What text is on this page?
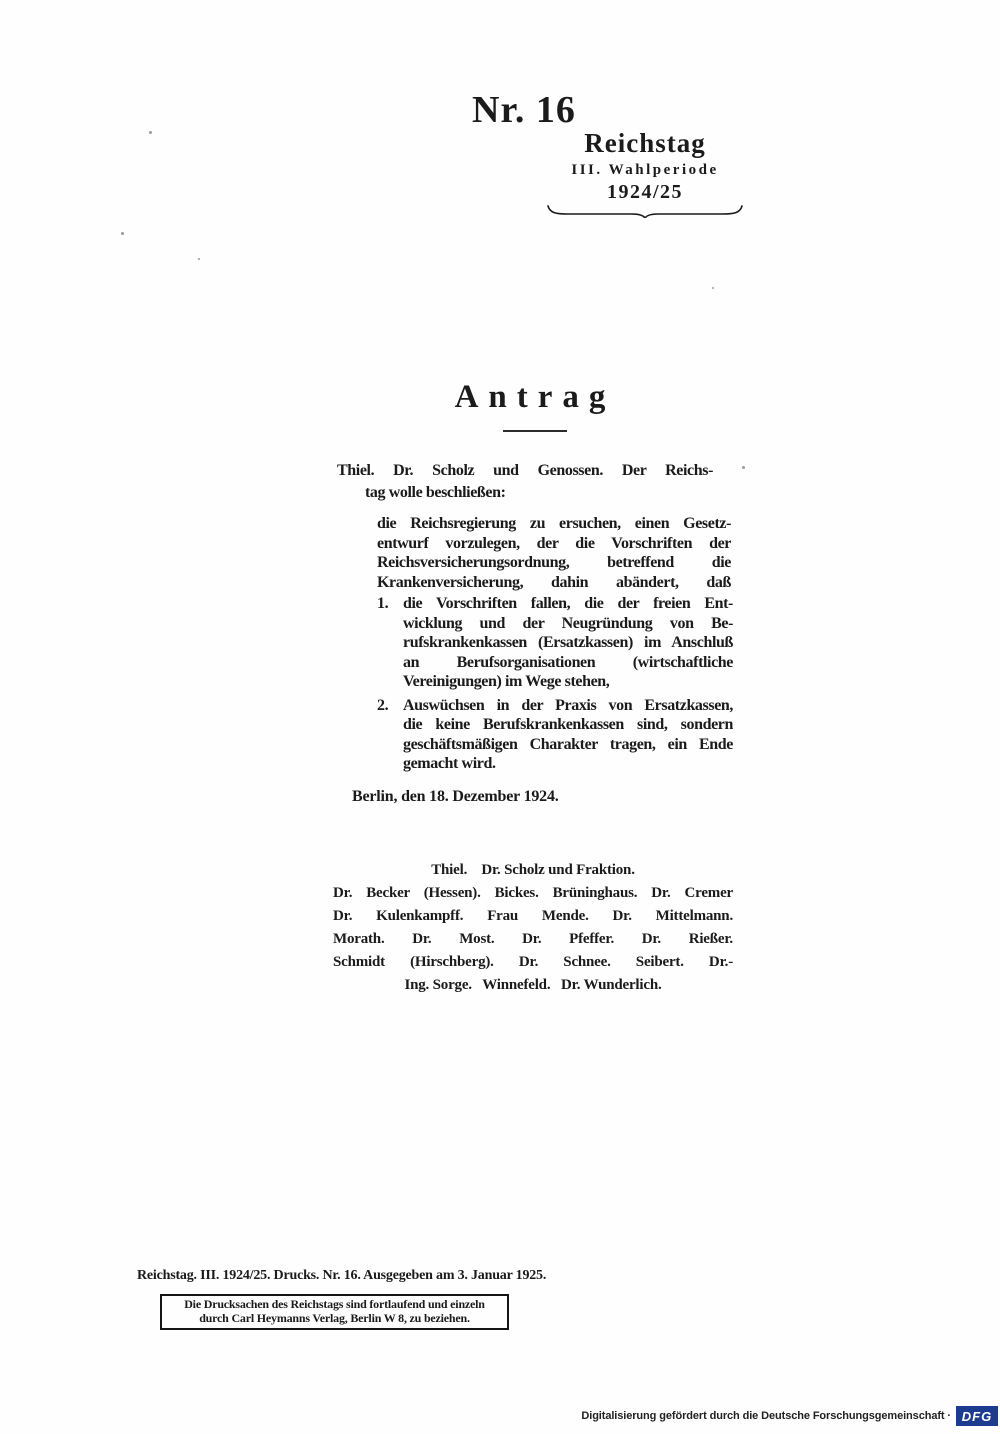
Nr. 16
Reichstag
III. Wahlperiode
1924/25
Antrag
Thiel. Dr. Scholz und Genossen. Der Reichs-
tag wolle beschließen:
die Reichsregierung zu ersuchen, einen Gesetz-
entwurf vorzulegen, der die Vorschriften der
Reichsversicherungsordnung, betreffend die
Krankenversicherung, dahin abändert, daß
1. die Vorschriften fallen, die der freien Ent-
wicklung und der Neugründung von Be-
rufskrankenkassen (Ersatzkassen) im Anschluß
an Berufsorganisationen (wirtschaftliche
Vereinigungen) im Wege stehen,
2. Auswüchsen in der Praxis von Ersatzkassen,
die keine Berufskrankenkassen sind, sondern
geschäftsmäßigen Charakter tragen, ein Ende
gemacht wird.
Berlin, den 18. Dezember 1924.
Thiel.    Dr. Scholz und Fraktion.
Dr. Becker (Hessen). Bickes. Brüninghaus. Dr. Cremer
Dr. Kulenkampff. Frau Mende. Dr. Mittelmann.
Morath. Dr. Most. Dr. Pfeffer. Dr. Rießer.
Schmidt (Hirschberg). Dr. Schnee. Seibert. Dr.-
Ing. Sorge.   Winnefeld.   Dr. Wunderlich.
Reichstag. III. 1924/25. Drucks. Nr. 16. Ausgegeben am 3. Januar 1925.
Die Drucksachen des Reichstags sind fortlaufend und einzeln
durch Carl Heymanns Verlag, Berlin W 8, zu beziehen.
Digitalisierung gefördert durch die Deutsche Forschungsgemeinschaft · DFG
